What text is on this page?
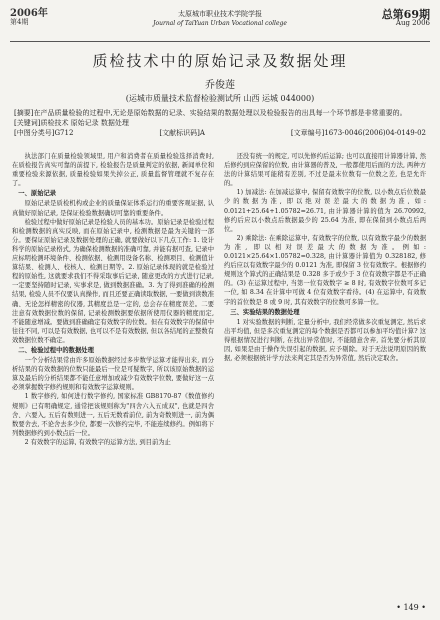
2006年
第4期
太原城市职业技术学院学报
Journal of TaiYuan Urban Vocational college
总第69期
Aug 2006
质检技术中的原始记录及数据处理
乔俊莲
(运城市质量技术监督检验测试所 山西 运城 044000)

[摘要]在产品质量检验的过程中,无论是原始数据的记录、实验结果的数据处理以及检验报告的出具每一个环节都是非常重要的。

[关键词]质检技术 原始记录 数据处理

[中图分类号]G712	[文献标识码]A	[文章编号]1673-0046(2006)04-0149-02

执法部门在质量检验领域里, 用户和消费者在质量检验选择消费时, 在质检报告真实可靠的前提下, 检验报告是质量判定的依据, 新闻单位和重要检验来源依据, 质量检验如果失掉公正, 质量监督管理就不复存在了。

一、原始记录

原始记录是质检机构或企业的质量保证体系运行的重要客观证据, 认真做好原始记录, 是保证检验数据确切可靠的重要条件。

检验过程中做好原始记录是检验人员的基本功。原始记录是检验过程和检测数据的真实反映, 而在原始记录中, 检测数据是最为关键的一部分。要保证原始记录及数据处理的正确, 就要做好以下几点工作: 1. 设计科学的原始记录格式, 为确保检测数据的准确可靠, 并能有据可查, 记录中应标明检测环境条件、检测依据、检测用设备名称、检测项目、检测值计算结果、检测人、校核人、检测日期等。2. 原始记录体现的就是检验过程的原始性, 这就要求我们不得采取事后记录, 随意更改的方式进行记录, 一定要坚持随时记录, 实事求是, 做到数据准确。3. 为了得到准确的检测结果, 检验人员不仅要认真操作, 而且还要正确读取数据, 一要做到读数准确、无论怎样精密的仪器, 其精度总是一定的, 总会存在精度误差。二要注意有效数据位数的保留, 记录检测数据要依据所使用仪器的精度而定, 不能随意增减。要做到准确确定有效数字的位数。但在有效数字的保留中往往不同, 可以是有效数据, 也可以不是有效数据, 但以各结尾的正整数有效数据位数不确定。

二、检验过程中的数据处理

一个分析结果常由许多原始数据经过多步数学运算才能得出来, 而分析结果的有效数据的位数只能最后一位是可疑数字, 所以该原始数据的运算及最后的分析结果都不能任意增加或减少有效数字位数, 要做好这一点必须掌握数字修约规则和有效数字运算规则。

1 数字修约, 如何进行数字修约, 国家标准 GB8170-87《数值修约规则》已有明确规定, 通常把该规则称为"四舍六入五成双", 也就是四舍舍、六要入, 五后有数则进一, 五后无数看前位, 前为奇数则进一, 前为偶数要舍去, 不论舍去多少位, 都要一次修约完毕, 不能连续修约。例如将下列数据修约到小数点后一位。

2 有效数字的运算, 有效数字的运算方法, 到目前为止

还没有统一的规定, 可以先修约后运算; 也可以直接用计算器计算, 然后修约到应保留的位数, 由计算器的普及, 一般都使用后面的方法, 两种方法的计算结果可能稍有差别, 不过是最末位数有一位数之差, 也是允许的。

1) 加减法: 在加减运算中, 保留有效数字的位数, 以小数点后位数最少的数据为准, 即以绝对误差最大的数据为准, 如: 0.0121+25.64+1.05782=26.71, 由计算器计算的值为 26.70992, 修约后应以小数点后数据最少的 25.64 为准, 即在保留到小数点后两位。

2) 乘除法: 在乘除运算中, 有效数字的位数, 以有效数字最少的数据为准, 即以相对误差最大的数据为准。例如: 0.0121×25.64×1.05782=0.328, 由计算器计算值为 0.328182, 修约后应以有效数字最少的 0.0121 为准, 即保留 3 位有效数字。根据修约规则这个算式的正确结果是 0.328 多于或少于 3 位有效数字都是不正确的。(3) 在运算过程中, 当第一位有效数字 ≥ 8 时, 有效数字位数可多记一位, 如 8.34 在计算中可做 4 位有效数字看待。(4) 在运算中, 有效数字的首位数是 8 或 9 时, 其有效数字的位数可多算一位。

三、实验结果的数据处理

1 对实验数据的判断, 定量分析中, 我们经常做多次重复测定, 然后求出平均值, 但是多次重复测定的每个数据是否都可以参加平均值计算? 这得根据情况进行判断, 在找出异常值时, 不能随意舍弃, 首先要分析其原因, 如果是由于操作失误引起的数据, 应予剔除。对于无法说明原因的数据, 必须根据统计学方法来判定其是否为异常值, 然后决定取舍。

• 149 •
